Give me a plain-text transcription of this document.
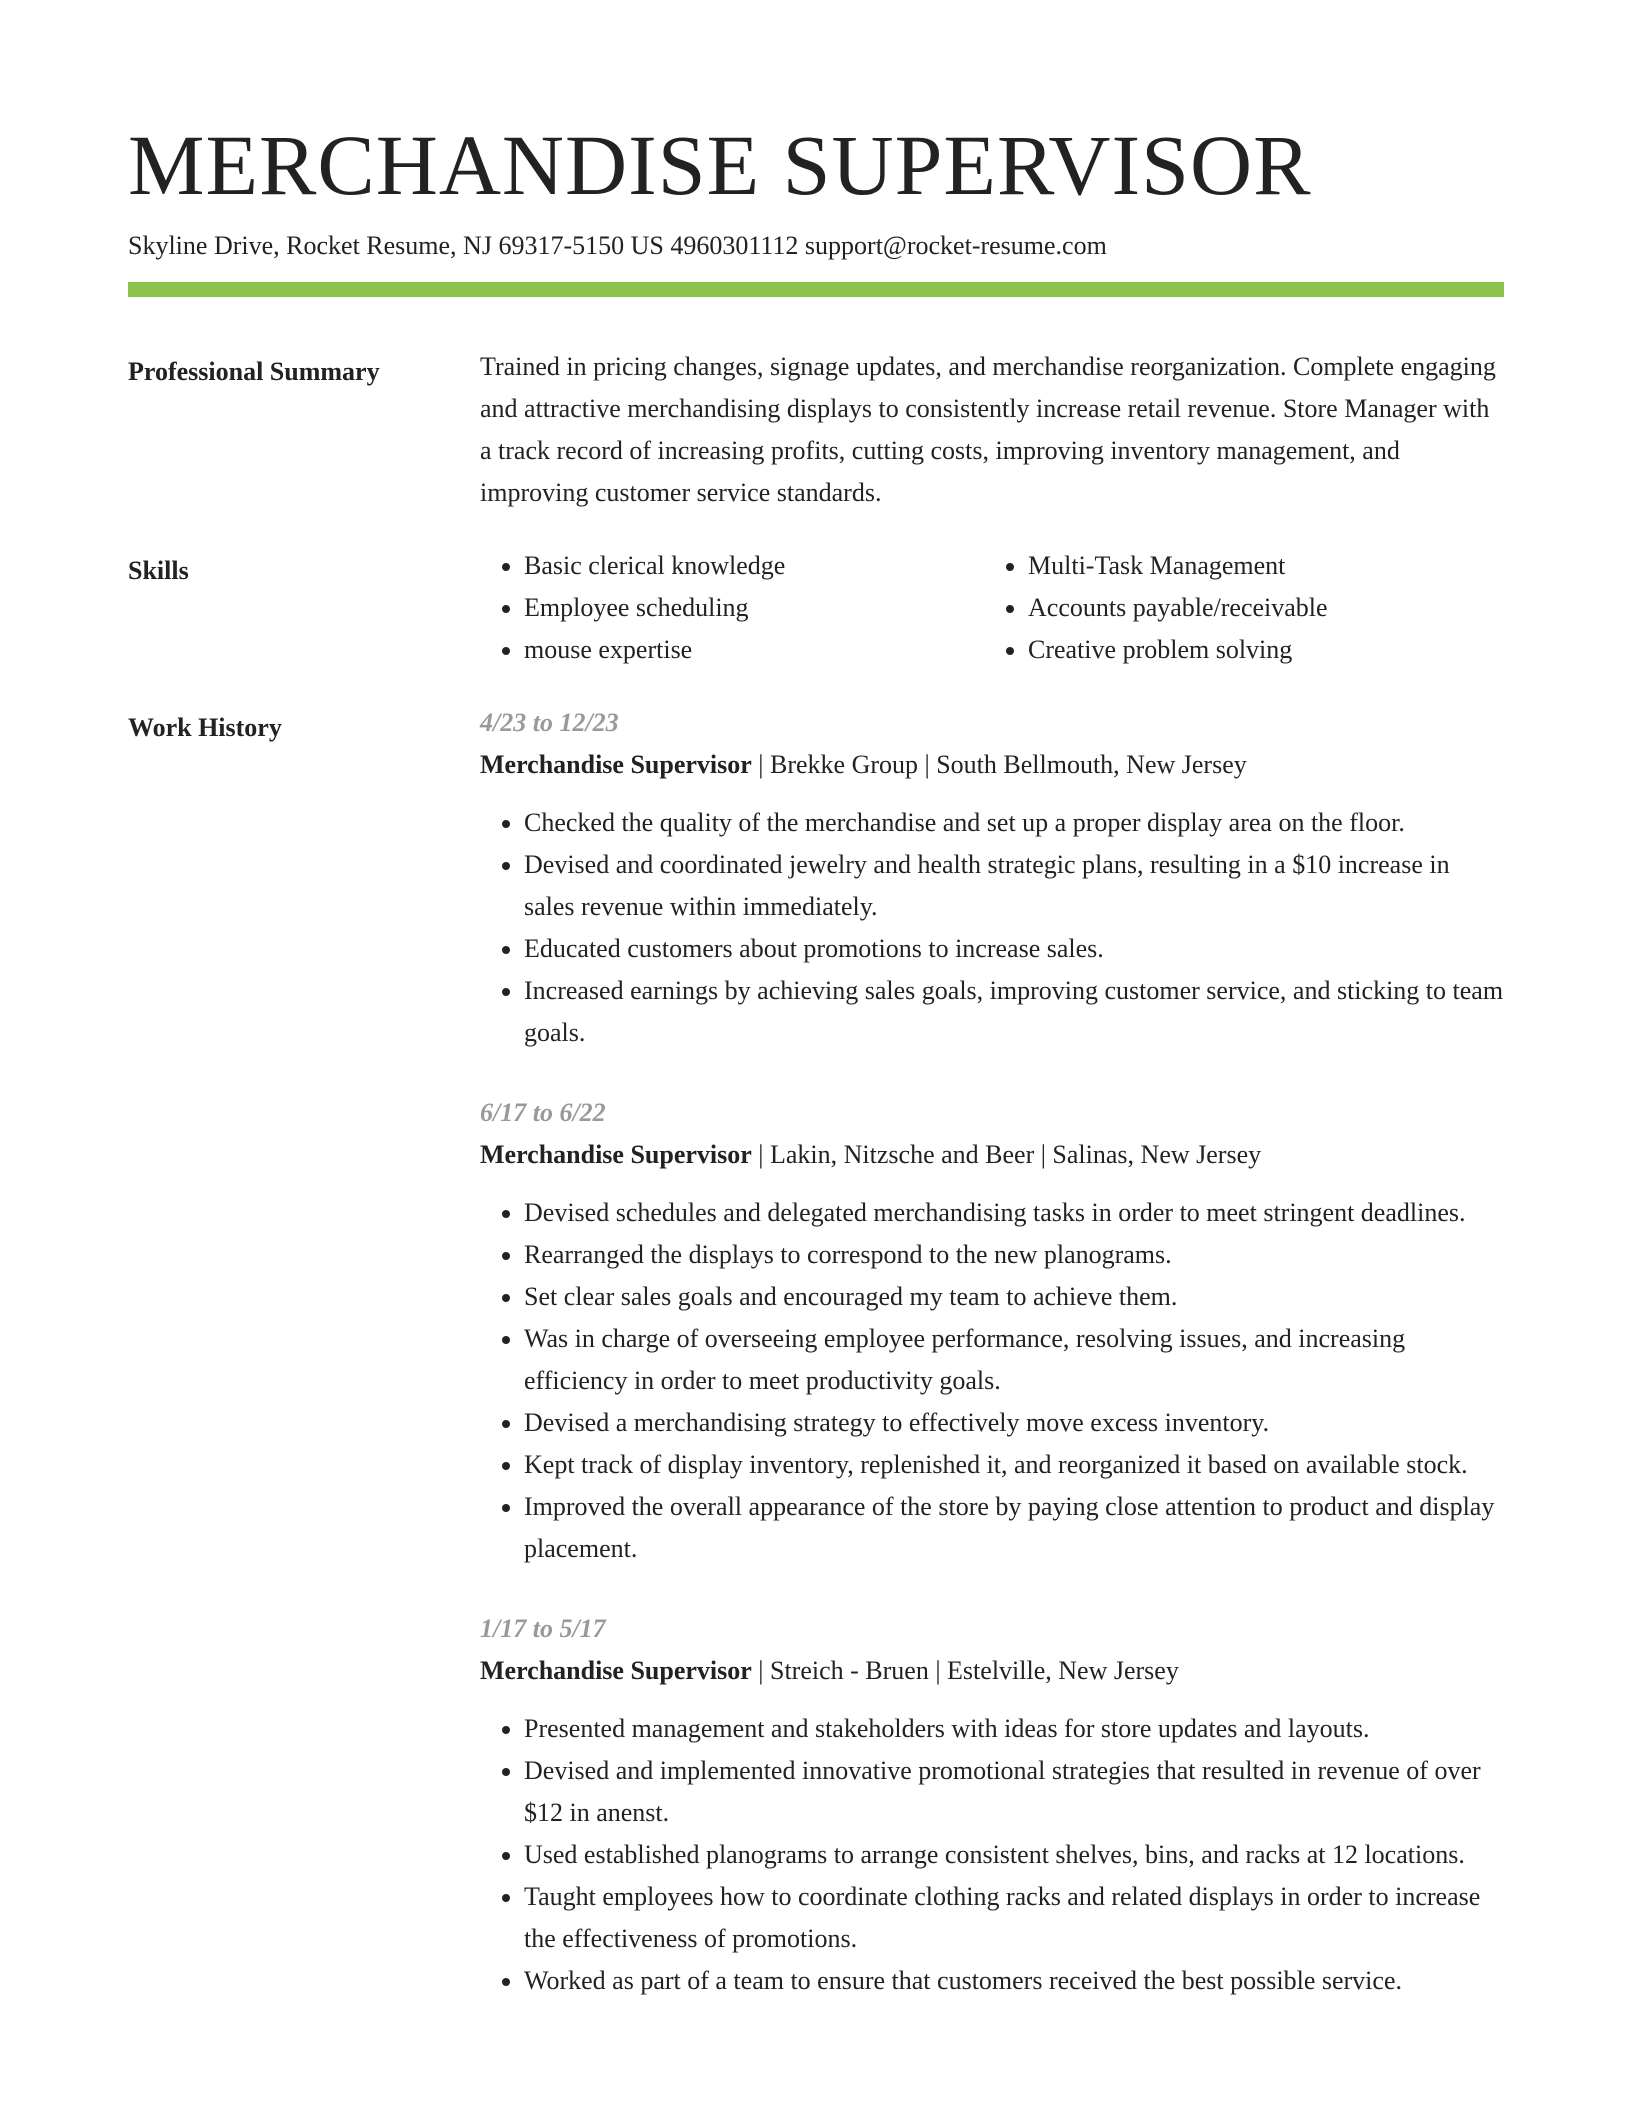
MERCHANDISE SUPERVISOR
Skyline Drive, Rocket Resume, NJ 69317-5150 US 4960301112 support@rocket-resume.com
Professional Summary	Trained in pricing changes, signage updates, and merchandise reorganization. Complete engaging and attractive merchandising displays to consistently increase retail revenue. Store Manager with a track record of increasing profits, cutting costs, improving inventory management, and improving customer service standards.

Skills
•	Basic clerical knowledge
• Employee scheduling
• mouse expertise
• Multi-Task Management
• Accounts payable/receivable
• Creative problem solving
Work History	4/23 to 12/23
Merchandise Supervisor | Brekke Group | South Bellmouth, New Jersey
• Checked the quality of the merchandise and set up a proper display area on the floor.
• Devised and coordinated jewelry and health strategic plans, resulting in a $10 increase in sales revenue within immediately.
• Educated customers about promotions to increase sales.
• Increased earnings by achieving sales goals, improving customer service, and sticking to team goals.
6/17 to 6/22
Merchandise Supervisor | Lakin, Nitzsche and Beer | Salinas, New Jersey
• Devised schedules and delegated merchandising tasks in order to meet stringent deadlines.
• Rearranged the displays to correspond to the new planograms.
• Set clear sales goals and encouraged my team to achieve them.
• Was in charge of overseeing employee performance, resolving issues, and increasing efficiency in order to meet productivity goals.
• Devised a merchandising strategy to effectively move excess inventory.
• Kept track of display inventory, replenished it, and reorganized it based on available stock.
• Improved the overall appearance of the store by paying close attention to product and display placement.
1/17 to 5/17
Merchandise Supervisor | Streich - Bruen | Estelville, New Jersey
• Presented management and stakeholders with ideas for store updates and layouts.
• Devised and implemented innovative promotional strategies that resulted in revenue of over $12 in anenst.
• Used established planograms to arrange consistent shelves, bins, and racks at 12 locations.
• Taught employees how to coordinate clothing racks and related displays in order to increase the effectiveness of promotions.
• Worked as part of a team to ensure that customers received the best possible service.
